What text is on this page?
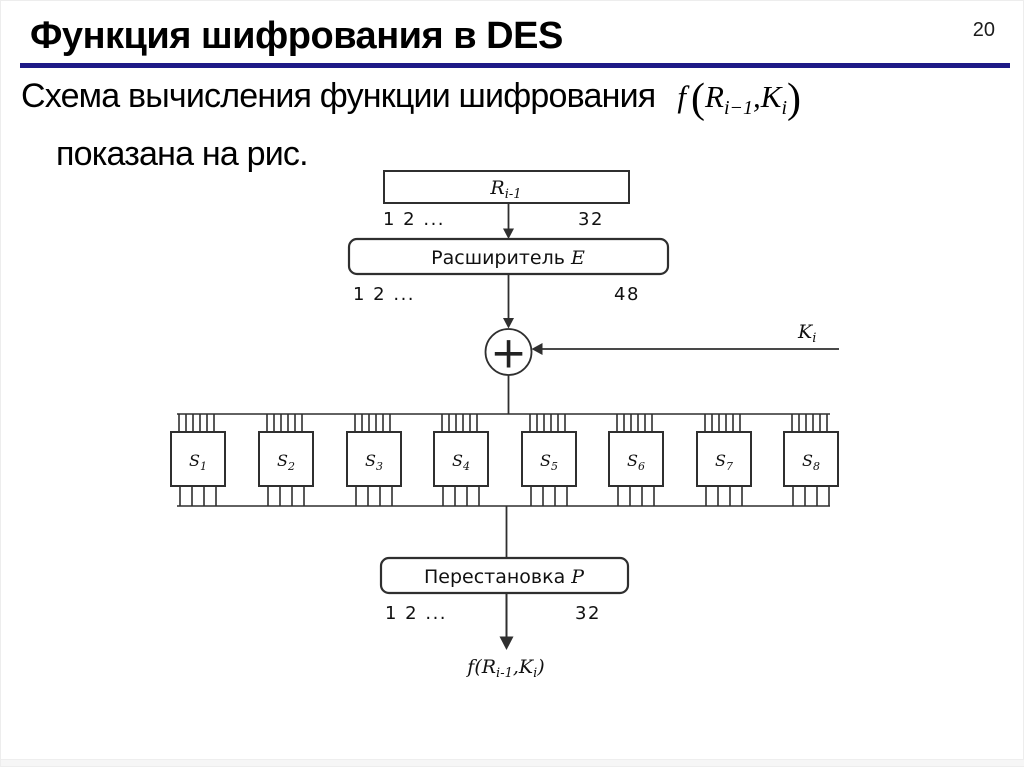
Функция шифрования в DES	20
Схема вычисления функции шифрования f $(R_{i-1},K_i)$
показана на рис.
$R_{i-1}$
1 2 ...	32
Расширитель E
1 2 ...	48
+	$K_i$
$S_1$	$S_2$	$S_3$	$S_4$	$S_5$	$S_6$	$S_7$	$S_8$
Перестановка P
1 2 ...	32
$f(R_{i-1},K_i)$
